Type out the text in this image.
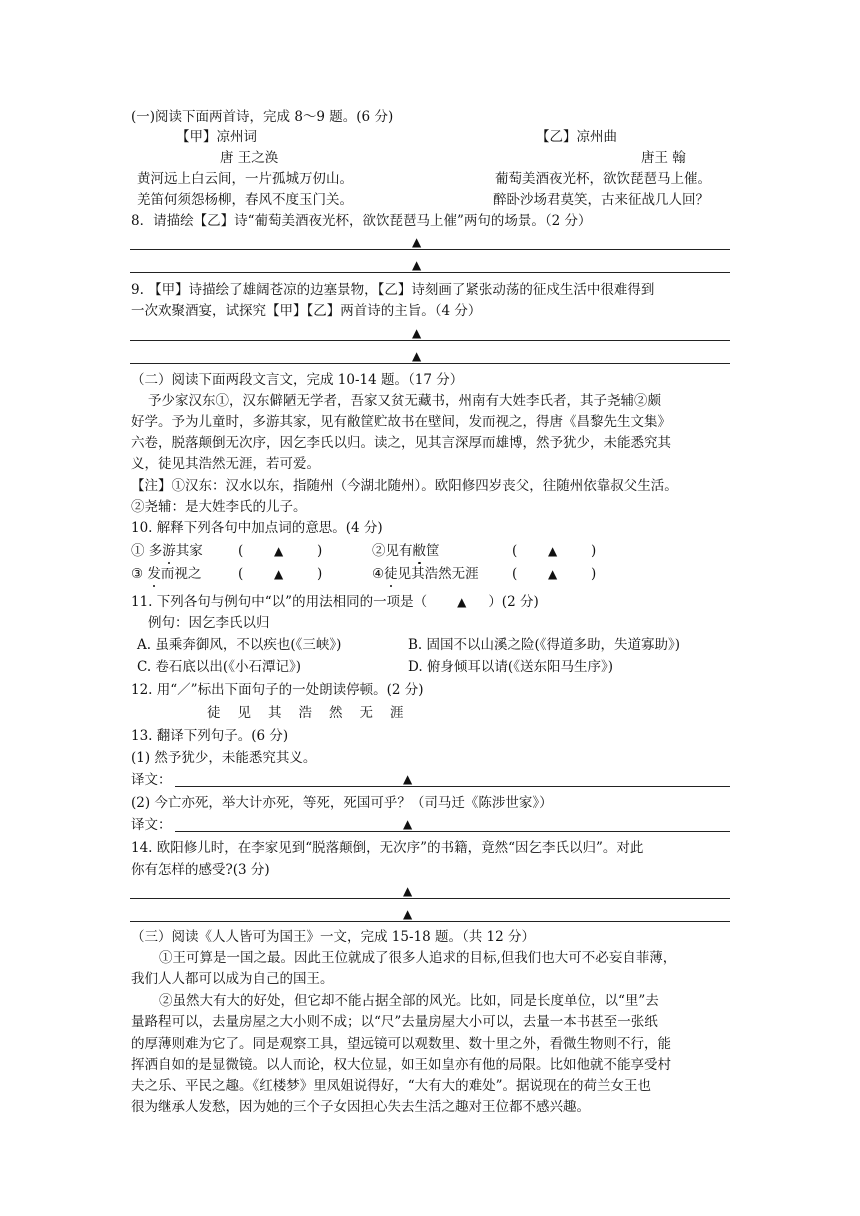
(一)阅读下面两首诗，完成 8～9 题。(6 分)
【甲】凉州词	【乙】凉州曲
唐 王之涣	唐王 翰
黄河远上白云间，一片孤城万仞山。	葡萄美酒夜光杯，欲饮琵琶马上催。
羌笛何须怨杨柳，春风不度玉门关。	醉卧沙场君莫笑，古来征战几人回？
8．请描绘【乙】诗“葡萄美酒夜光杯，欲饮琵琶马上催”两句的场景。（2 分）
▲
▲
9. 【甲】诗描绘了雄阔苍凉的边塞景物，【乙】诗刻画了紧张动荡的征戍生活中很难得到
一次欢聚酒宴，试探究【甲】【乙】两首诗的主旨。（4 分）
▲
▲
（二）阅读下面两段文言文，完成 10-14 题。（17 分）
予少家汉东①，汉东僻陋无学者，吾家又贫无藏书，州南有大姓李氏者，其子尧辅②颇
好学。予为儿童时，多游其家，见有敝筐贮故书在壁间，发而视之，得唐《昌黎先生文集》
六卷，脱落颠倒无次序，因乞李氏以归。读之，见其言深厚而雄博，然予犹少，未能悉究其
义，徒见其浩然无涯，若可爱。
【注】①汉东：汉水以东，指随州（今湖北随州）。欧阳修四岁丧父，往随州依靠叔父生活。
②尧辅：是大姓李氏的儿子。
10. 解释下列各句中加点词的意思。(4 分)
① 多游其家	(	▲	)	②见有敝筐	(	▲	)
③ 发而视之	(	▲	)	④徒见其浩然无涯 (	▲	)
11. 下列各句与例句中“以”的用法相同的一项是（	▲ ）(2 分)
例句：因乞李氏以归
A. 虽乘奔御风，不以疾也(《三峡》)	B. 固国不以山溪之险(《得道多助，失道寡助》)
C. 卷石底以出(《小石潭记》)	D. 俯身倾耳以请(《送东阳马生序》)
12. 用“／”标出下面句子的一处朗读停顿。(2 分)
徒见其浩然无涯
13. 翻译下列句子。(6 分)
(1) 然予犹少，未能悉究其义。
译文：	▲
(2) 今亡亦死，举大计亦死，等死，死国可乎？（司马迁《陈涉世家》）
译文：	▲
14. 欧阳修儿时，在李家见到“脱落颠倒，无次序”的书籍，竟然“因乞李氏以归”。对此
你有怎样的感受?(3 分)
▲
▲
（三）阅读《人人皆可为国王》一文，完成 15-18 题。（共 12 分）
①王可算是一国之最。因此王位就成了很多人追求的目标,但我们也大可不必妄自菲薄，
我们人人都可以成为自己的国王。
②虽然大有大的好处，但它却不能占据全部的风光。比如，同是长度单位，以“里”去
量路程可以，去量房屋之大小则不成；以“尺”去量房屋大小可以，去量一本书甚至一张纸
的厚薄则难为它了。同是观察工具，望远镜可以观数里、数十里之外，看微生物则不行，能
挥洒自如的是显微镜。以人而论，权大位显，如王如皇亦有他的局限。比如他就不能享受村
夫之乐、平民之趣。《红楼梦》里凤姐说得好，“大有大的难处”。据说现在的荷兰女王也
很为继承人发愁，因为她的三个子女因担心失去生活之趣对王位都不感兴趣。
